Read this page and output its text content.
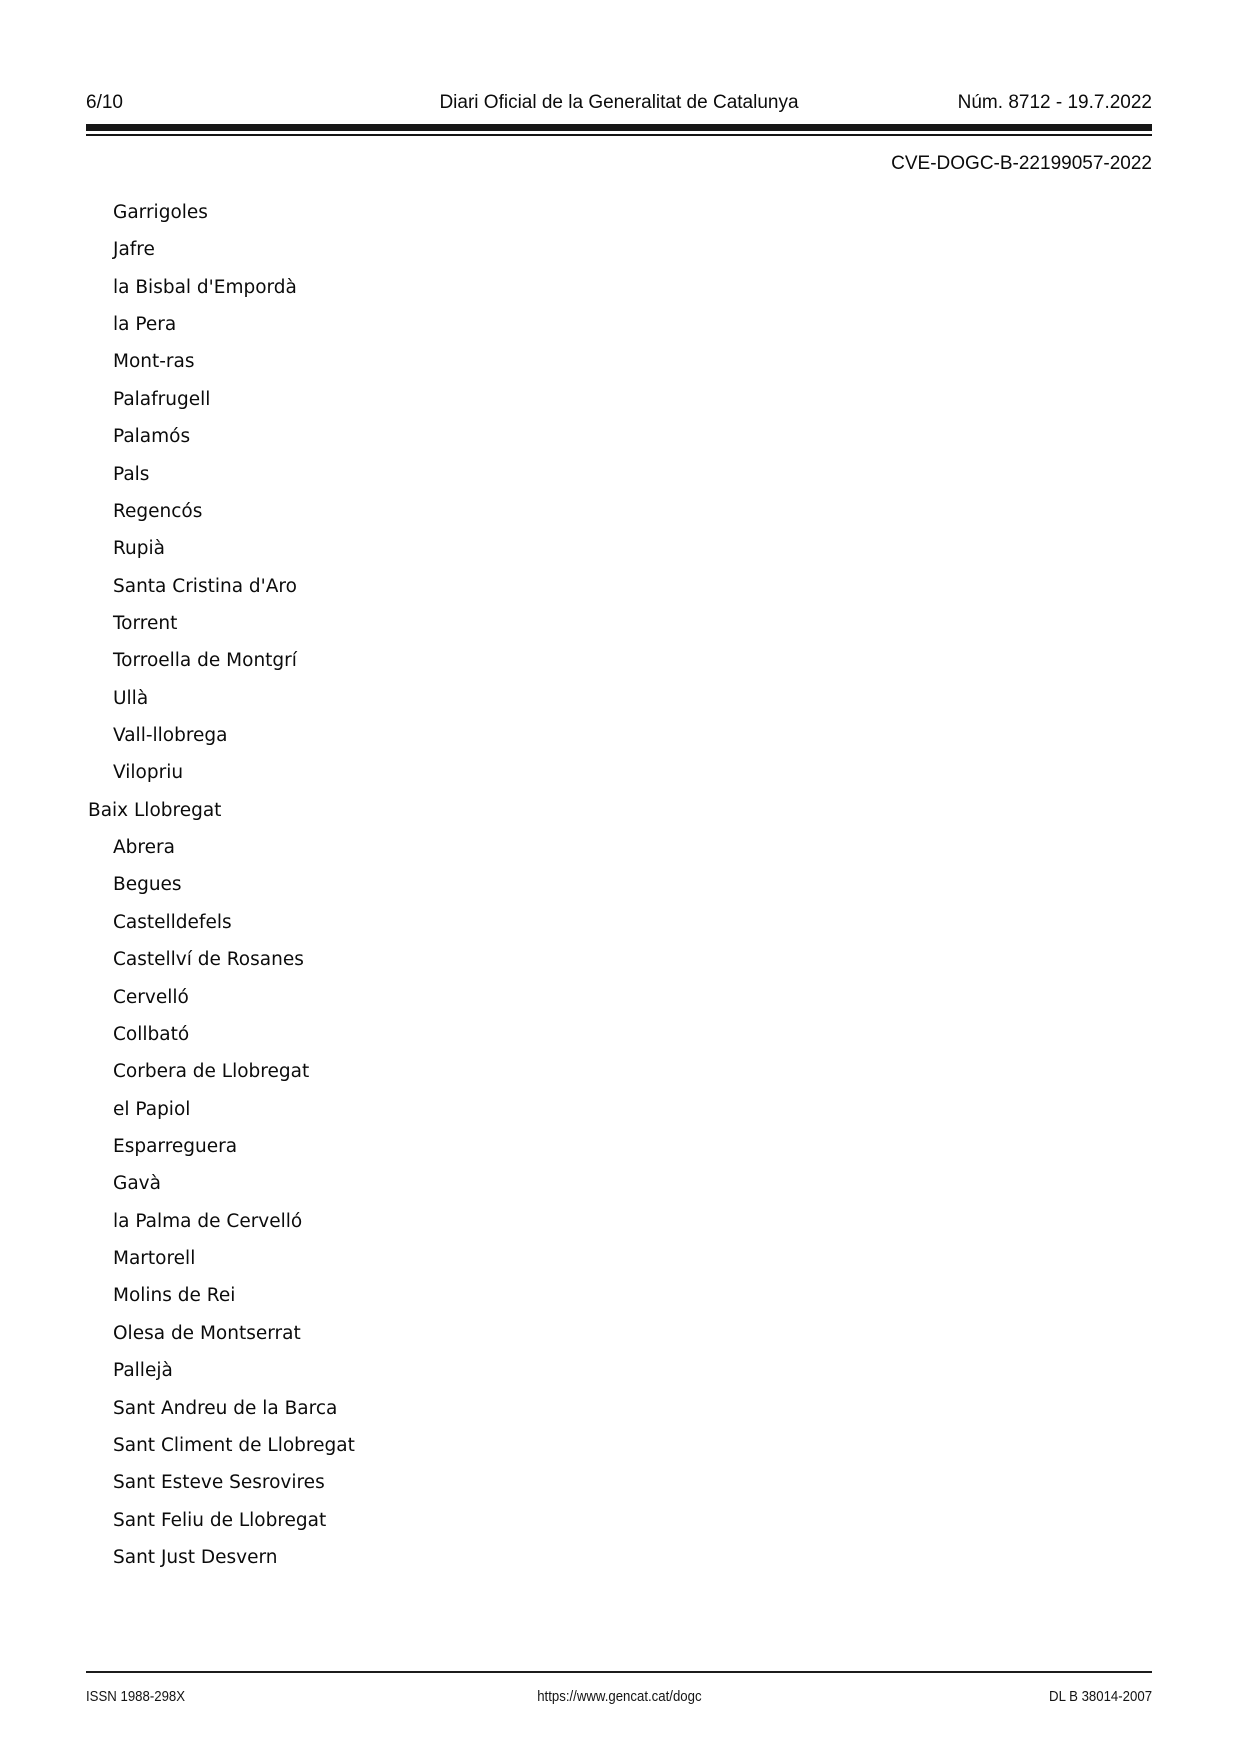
6/10	Diari Oficial de la Generalitat de Catalunya	Núm. 8712 - 19.7.2022
CVE-DOGC-B-22199057-2022
Garrigoles
Jafre
la Bisbal d'Empordà
la Pera
Mont-ras
Palafrugell
Palamós
Pals
Regencós
Rupià
Santa Cristina d'Aro
Torrent
Torroella de Montgrí
Ullà
Vall-llobrega
Vilopriu
Baix Llobregat
Abrera
Begues
Castelldefels
Castellví de Rosanes
Cervelló
Collbató
Corbera de Llobregat
el Papiol
Esparreguera
Gavà
la Palma de Cervelló
Martorell
Molins de Rei
Olesa de Montserrat
Pallejà
Sant Andreu de la Barca
Sant Climent de Llobregat
Sant Esteve Sesrovires
Sant Feliu de Llobregat
Sant Just Desvern
ISSN 1988-298X	https://www.gencat.cat/dogc	DL B 38014-2007
